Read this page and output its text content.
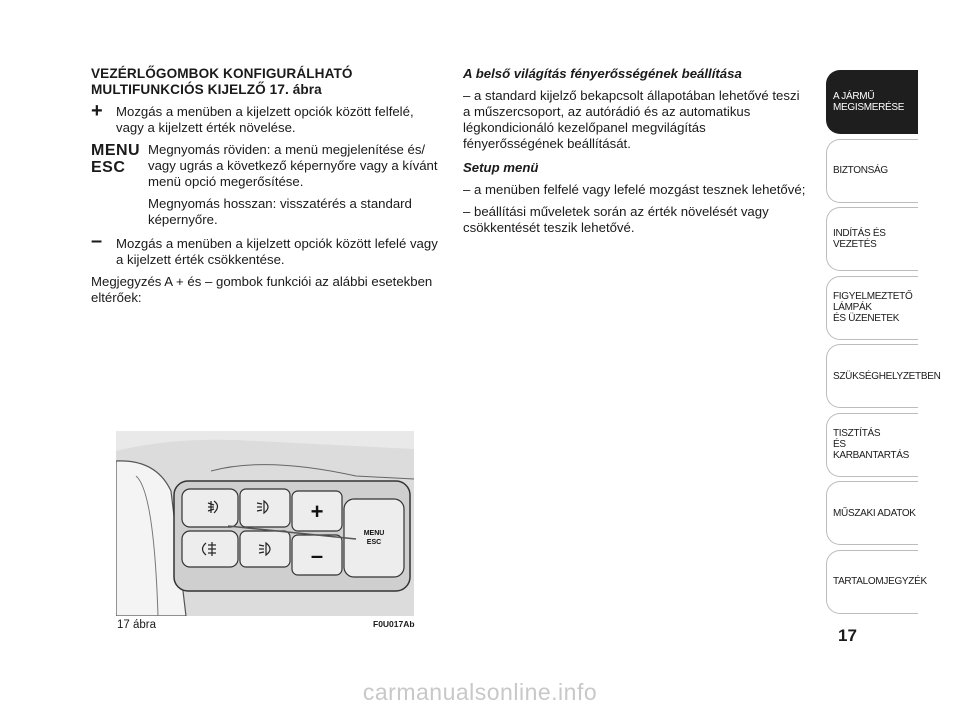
VEZÉRLŐGOMBOK KONFIGURÁLHATÓ
MULTIFUNKCIÓS KIJELZŐ 17. ábra
+ Mozgás a menüben a kijelzett opciók között felfelé, vagy a kijelzett érték növelése.

MENU
ESC

Megnyomás röviden: a menü megjelenítése és/ vagy ugrás a következő képernyőre vagy a kívánt menü opció megerősítése.

Megnyomás hosszan: visszatérés a standard képernyőre.

– Mozgás a menüben a kijelzett opciók között lefelé vagy a kijelzett érték csökkentése.

Megjegyzés A + és – gombok funkciói az alábbi esetekben eltérőek:

A belső világítás fényerősségének beállítása

– a standard kijelző bekapcsolt állapotában lehetővé teszi a műszercsoport, az autórádió és az automatikus légkondicionáló kezelőpanel megvilágítás fényerősségének beállítását.

Setup menü

– a menüben felfelé vagy lefelé mozgást tesznek lehetővé;

– beállítási műveletek során az érték növelését vagy csökkentését teszik lehetővé.

+
–
MENU
ESC
17 ábra	F0U017Ab
A JÁRMŰ
MEGISMERÉSE
BIZTONSÁG
INDÍTÁS ÉS VEZETÉS
FIGYELMEZTETŐ
LÁMPÁK
ÉS ÜZENETEK
SZÜKSÉGHELYZETBEN
TISZTÍTÁS
ÉS KARBANTARTÁS
MŰSZAKI ADATOK
TARTALOMJEGYZÉK
17
carmanualsonline.info
